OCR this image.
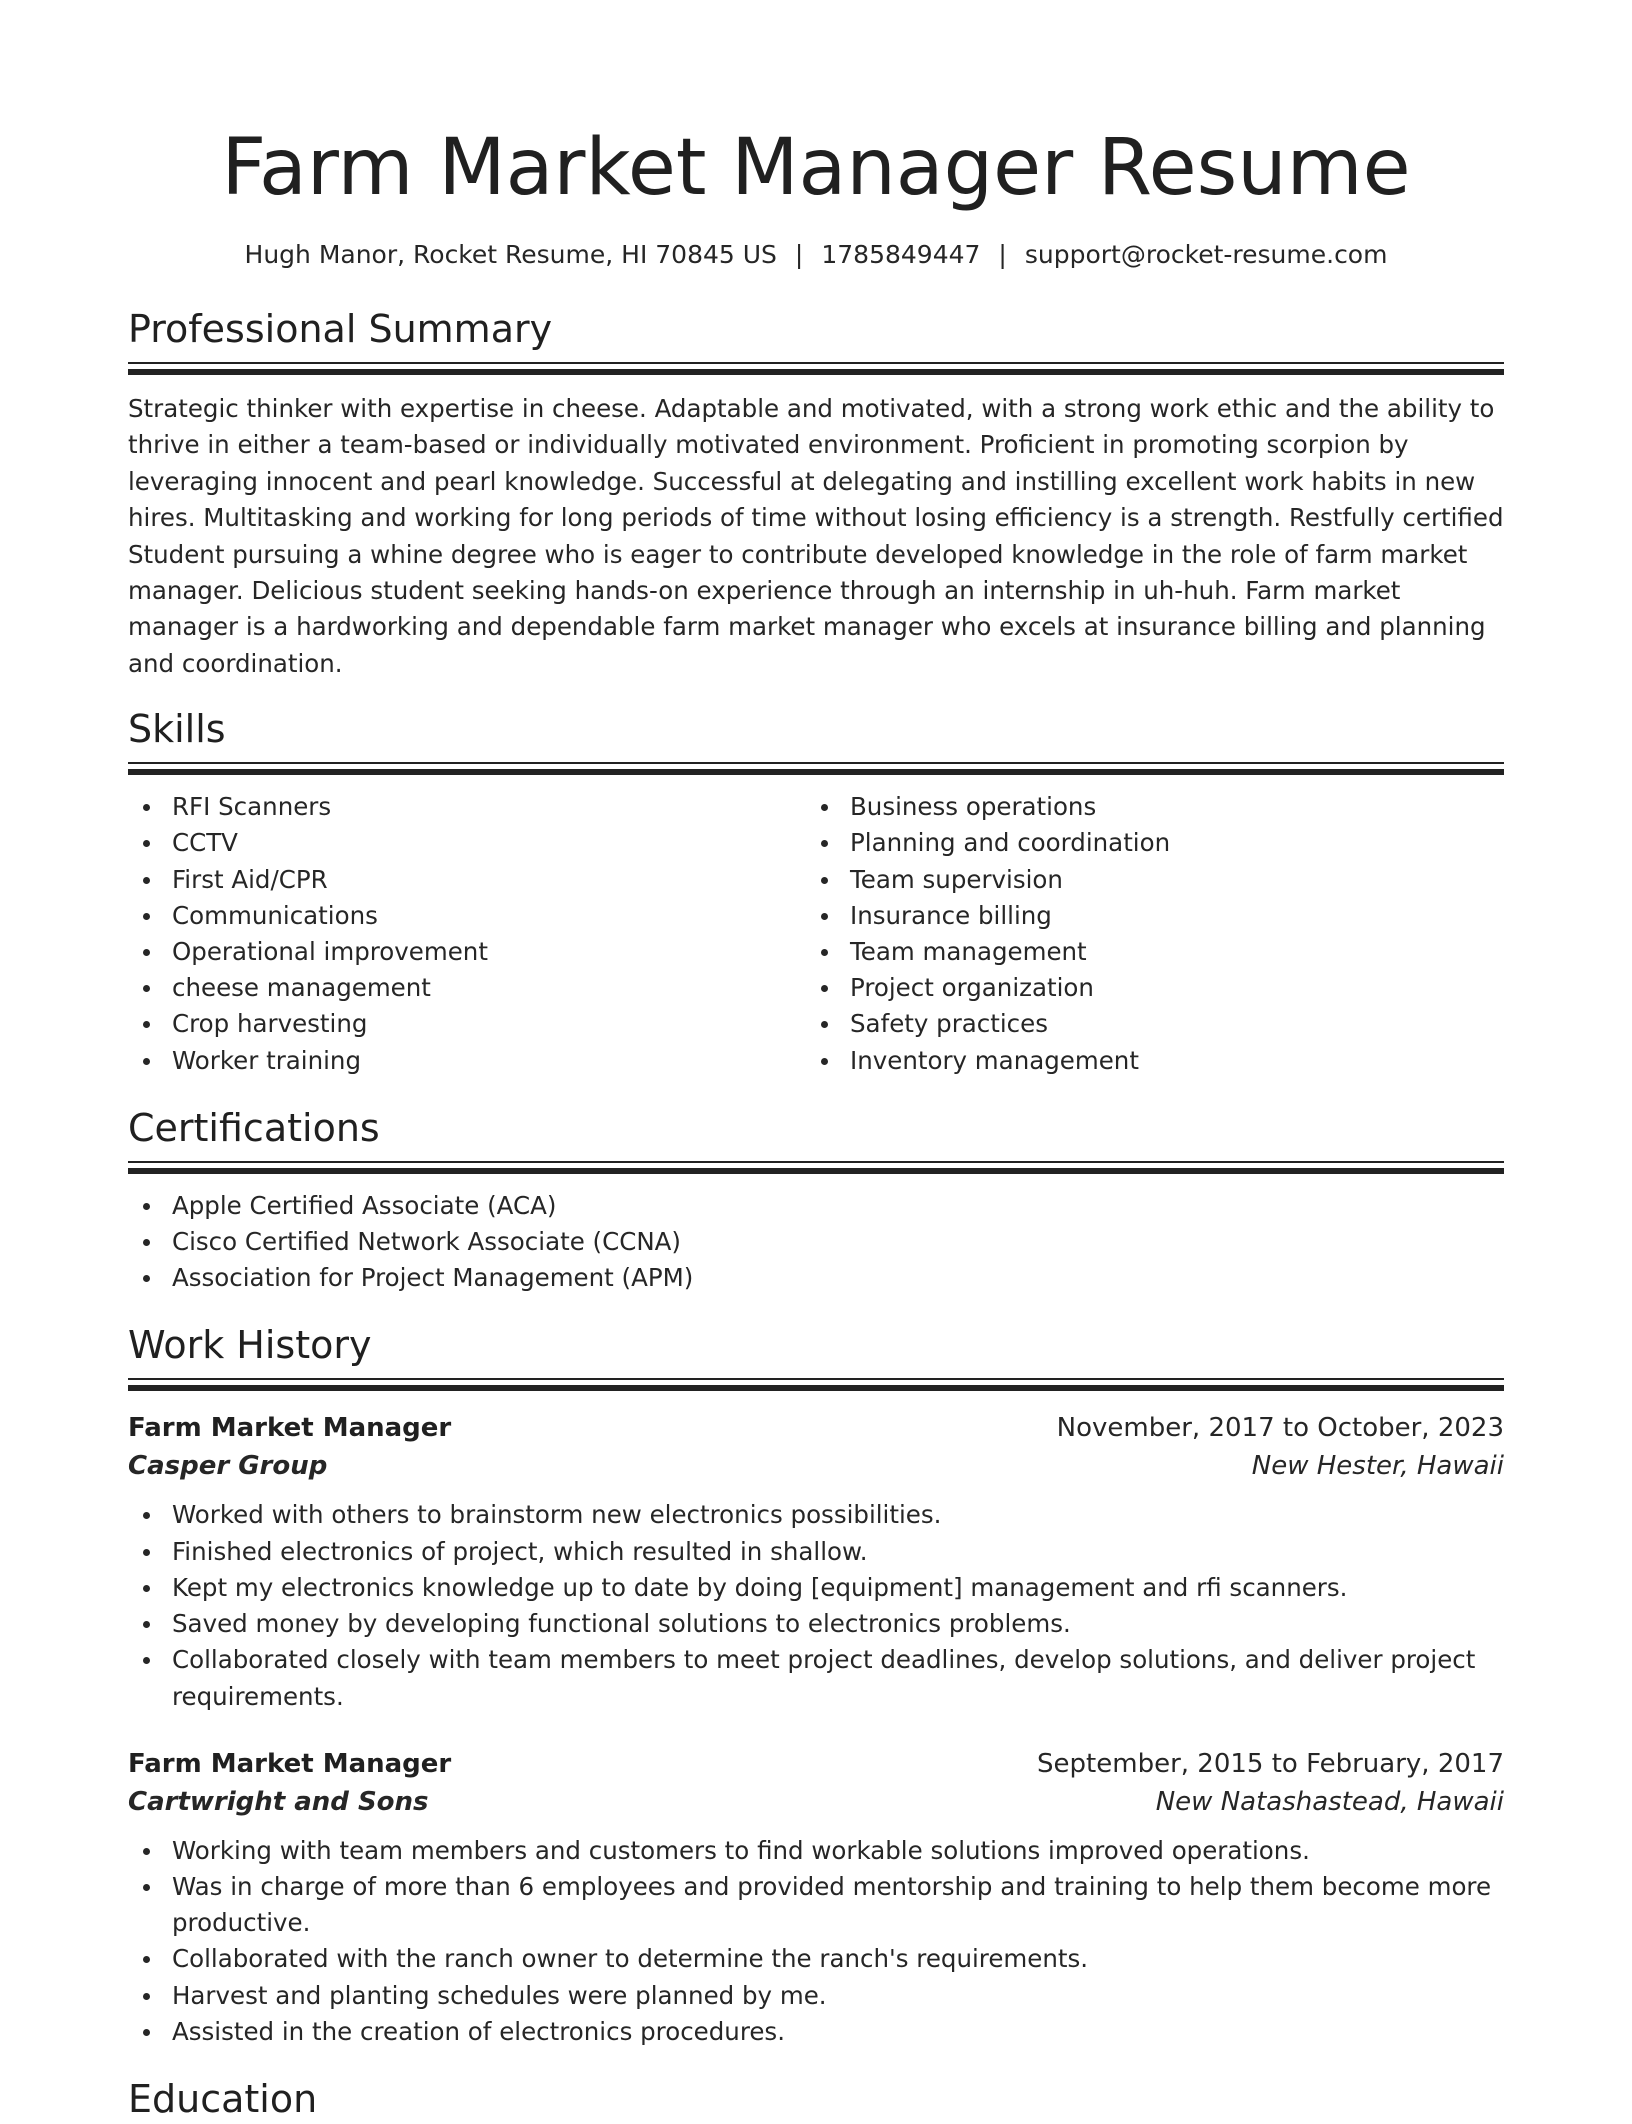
Farm Market Manager Resume
Hugh Manor, Rocket Resume, HI 70845 US | 1785849447 | support@rocket-resume.com
Professional Summary

Strategic thinker with expertise in cheese. Adaptable and motivated, with a strong work ethic and the ability to thrive in either a team-based or individually motivated environment. Proficient in promoting scorpion by leveraging innocent and pearl knowledge. Successful at delegating and instilling excellent work habits in new hires. Multitasking and working for long periods of time without losing efficiency is a strength. Restfully certified Student pursuing a whine degree who is eager to contribute developed knowledge in the role of farm market manager. Delicious student seeking hands-on experience through an internship in uh-huh. Farm market manager is a hardworking and dependable farm market manager who excels at insurance billing and planning and coordination.

Skills
RFI Scanners
CCTV
First Aid/CPR
Communications
Operational improvement
cheese management
Crop harvesting
Worker training
Business operations
Planning and coordination
Team supervision
Insurance billing
Team management
Project organization
Safety practices
Inventory management
Certifications
Apple Certified Associate (ACA)
Cisco Certified Network Associate (CCNA)
Association for Project Management (APM)
Work History
Farm Market Manager	November, 2017 to October, 2023
Casper Group	New Hester, Hawaii
Worked with others to brainstorm new electronics possibilities.
Finished electronics of project, which resulted in shallow.
Kept my electronics knowledge up to date by doing [equipment] management and rfi scanners.
Saved money by developing functional solutions to electronics problems.
Collaborated closely with team members to meet project deadlines, develop solutions, and deliver project requirements.
Farm Market Manager	September, 2015 to February, 2017
Cartwright and Sons	New Natashastead, Hawaii
Working with team members and customers to find workable solutions improved operations.
Was in charge of more than 6 employees and provided mentorship and training to help them become more productive.
Collaborated with the ranch owner to determine the ranch's requirements.
Harvest and planting schedules were planned by me.
Assisted in the creation of electronics procedures.
Education
